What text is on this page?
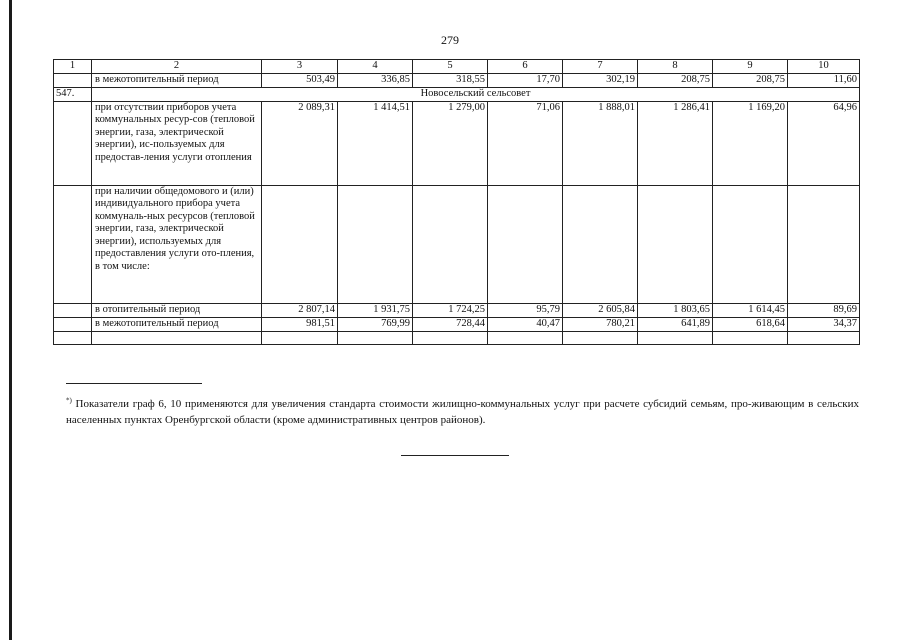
279
1	2	3	4	5	6	7	8	9	10
	в межотопительный период	503,49	336,85	318,55	17,70	302,19	208,75	208,75	11,60
547.	Новосельский сельсовет								
	при отсутствии приборов учета коммунальных ресур-сов (тепловой энергии, газа, электрической энергии), ис-пользуемых для предостав-ления услуги отопления	2 089,31	1 414,51	1 279,00	71,06	1 888,01	1 286,41	1 169,20	64,96
	при наличии общедомового и (или) индивидуального прибора учета коммуналь-ных ресурсов (тепловой энергии, газа, электрической энергии), используемых для предоставления услуги ото-пления, в том числе:								
	в отопительный период	2 807,14	1 931,75	1 724,25	95,79	2 605,84	1 803,65	1 614,45	89,69
	в межотопительный период	981,51	769,99	728,44	40,47	780,21	641,89	618,64	34,37

*) Показатели граф 6, 10 применяются для увеличения стандарта стоимости жилищно-коммунальных услуг при расчете субсидий семьям, про-живающим в сельских населенных пунктах Оренбургской области (кроме административных центров районов).
